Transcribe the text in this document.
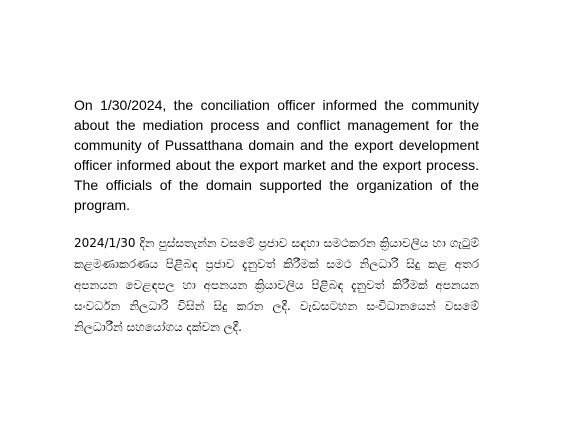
On 1/30/2024, the conciliation officer informed the community about the mediation process and conflict management for the community of Pussatthana domain and the export development officer informed about the export market and the export process. The officials of the domain supported the organization of the program.

2024/1/30 දින පුස්සතැන්න වසමේ ප්‍රජාව සඳහා සමථකරන ක්‍රියාවලිය හා ගැටුම් කළමණාකරණය පිළිබඳ ප්‍රජාව දැනුවත් කිරීමක් සමථ නිලධාරි සිදු කළ අතර අපනයන වෙළඳපල හා අපනයන ක්‍රියාවලිය පිළිබඳ දැනුවත් කිරීමක් අපනයන සංවර්ධන නිලධාරි විසින් සිදු කරන ලදී. වැඩසටහන සංවිධානයෙන් වසමේ නිලධාරීන් සහයෝගය දක්වන ලදී.
